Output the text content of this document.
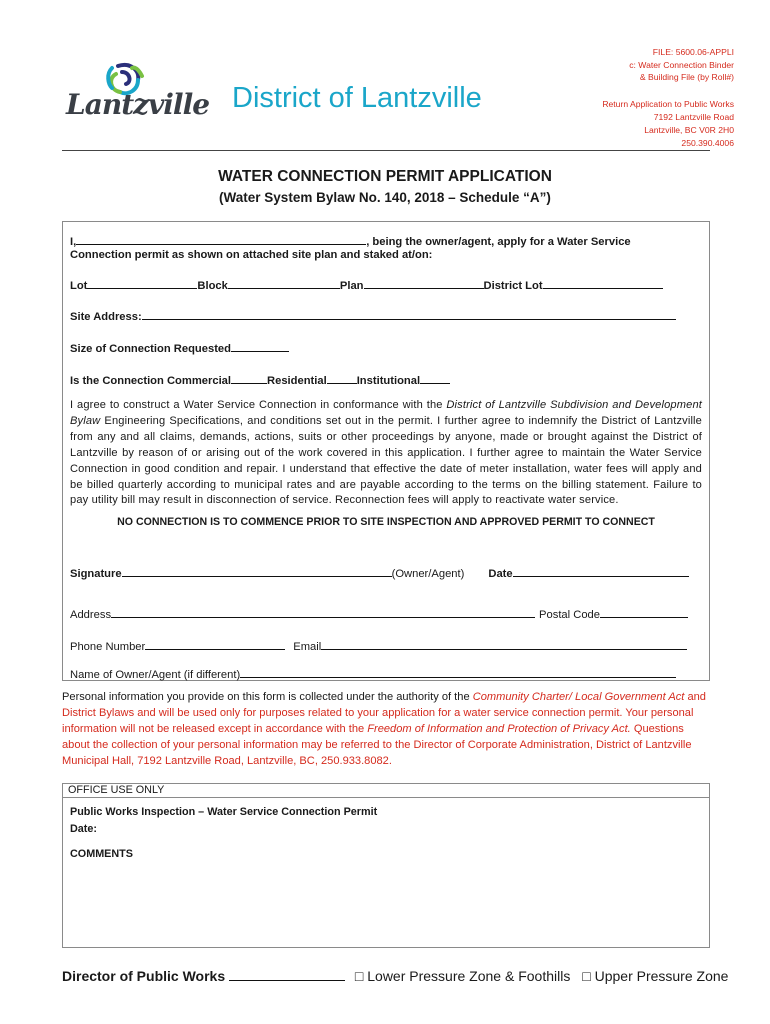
Lantzville District of Lantzville
FILE: 5600.06-APPLI
c: Water Connection Binder
& Building File (by Roll#)
Return Application to Public Works
7192 Lantzville Road
Lantzville, BC V0R 2H0
250.390.4006
WATER CONNECTION PERMIT APPLICATION
(Water System Bylaw No. 140, 2018 – Schedule “A”)
I,	, being the owner/agent, apply for a Water Service
Connection permit as shown on attached site plan and staked at/on:
Lot	Block	Plan	District Lot
Site Address:
Size of Connection Requested
Is the Connection Commercial	Residential	Institutional
I agree to construct a Water Service Connection in conformance with the District of Lantzville Subdivision and Development Bylaw Engineering Specifications, and conditions set out in the permit. I further agree to indemnify the District of Lantzville from any and all claims, demands, actions, suits or other proceedings by anyone, made or brought against the District of Lantzville by reason of or arising out of the work covered in this application. I further agree to maintain the Water Service Connection in good condition and repair. I understand that effective the date of meter installation, water fees will apply and be billed quarterly according to municipal rates and are payable according to the terms on the billing statement. Failure to pay utility bill may result in disconnection of service. Reconnection fees will apply to reactivate water service.
NO CONNECTION IS TO COMMENCE PRIOR TO SITE INSPECTION AND APPROVED PERMIT TO CONNECT
Signature	(Owner/Agent) Date
Address	Postal Code
Phone Number	Email
Name of Owner/Agent (if different)
Personal information you provide on this form is collected under the authority of the Community Charter/ Local Government Act and District Bylaws and will be used only for purposes related to your application for a water service connection permit. Your personal information will not be released except in accordance with the Freedom of Information and Protection of Privacy Act. Questions about the collection of your personal information may be referred to the Director of Corporate Administration, District of Lantzville Municipal Hall, 7192 Lantzville Road, Lantzville, BC, 250.933.8082.
OFFICE USE ONLY
Public Works Inspection – Water Service Connection Permit
Date:
COMMENTS
Director of Public Works	□ Lower Pressure Zone & Foothills □ Upper Pressure Zone
